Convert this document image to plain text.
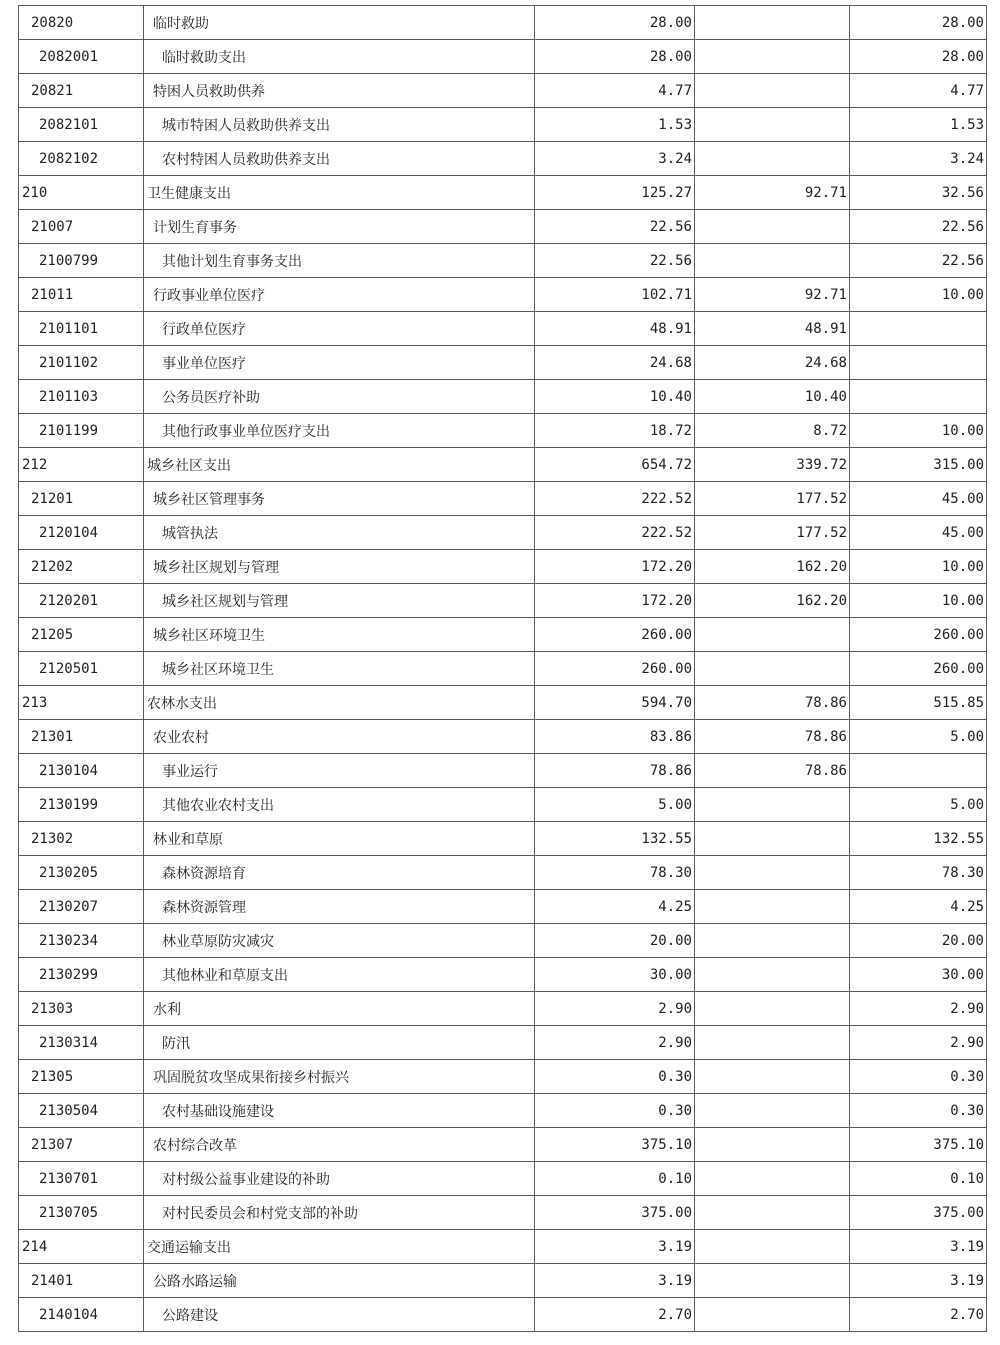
20820	临时救助	28.00		28.00
2082001	临时救助支出	28.00		28.00
20821	特困人员救助供养	4.77		4.77
2082101	城市特困人员救助供养支出	1.53		1.53
2082102	农村特困人员救助供养支出	3.24		3.24
210	卫生健康支出	125.27	92.71	32.56
21007	计划生育事务	22.56		22.56
2100799	其他计划生育事务支出	22.56		22.56
21011	行政事业单位医疗	102.71	92.71	10.00
2101101	行政单位医疗	48.91	48.91	
2101102	事业单位医疗	24.68	24.68	
2101103	公务员医疗补助	10.40	10.40	
2101199	其他行政事业单位医疗支出	18.72	8.72	10.00
212	城乡社区支出	654.72	339.72	315.00
21201	城乡社区管理事务	222.52	177.52	45.00
2120104	城管执法	222.52	177.52	45.00
21202	城乡社区规划与管理	172.20	162.20	10.00
2120201	城乡社区规划与管理	172.20	162.20	10.00
21205	城乡社区环境卫生	260.00		260.00
2120501	城乡社区环境卫生	260.00		260.00
213	农林水支出	594.70	78.86	515.85
21301	农业农村	83.86	78.86	5.00
2130104	事业运行	78.86	78.86	
2130199	其他农业农村支出	5.00		5.00
21302	林业和草原	132.55		132.55
2130205	森林资源培育	78.30		78.30
2130207	森林资源管理	4.25		4.25
2130234	林业草原防灾减灾	20.00		20.00
2130299	其他林业和草原支出	30.00		30.00
21303	水利	2.90		2.90
2130314	防汛	2.90		2.90
21305	巩固脱贫攻坚成果衔接乡村振兴	0.30		0.30
2130504	农村基础设施建设	0.30		0.30
21307	农村综合改革	375.10		375.10
2130701	对村级公益事业建设的补助	0.10		0.10
2130705	对村民委员会和村党支部的补助	375.00		375.00
214	交通运输支出	3.19		3.19
21401	公路水路运输	3.19		3.19
2140104	公路建设	2.70		2.70
